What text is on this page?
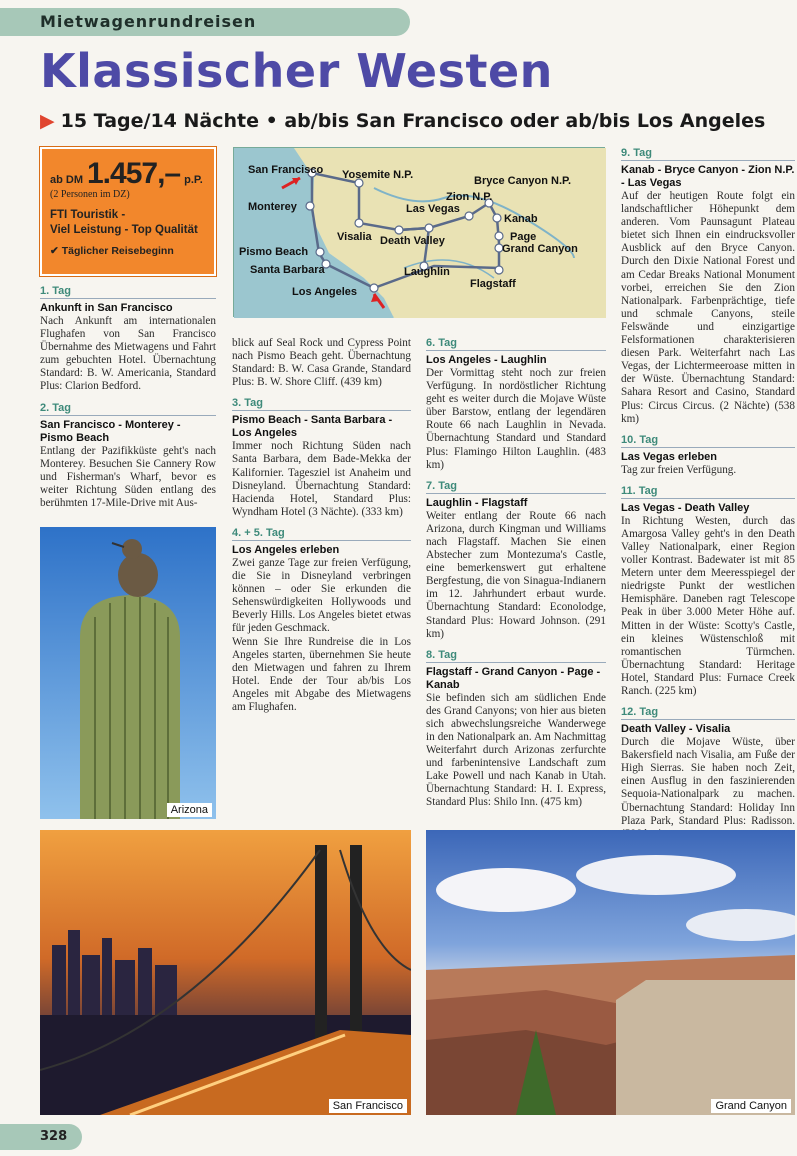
Mietwagenrundreisen
Klassischer Westen
▶ 15 Tage/14 Nächte • ab/bis San Francisco oder ab/bis Los Angeles
ab DM 1.457,– p.P.
(2 Personen im DZ)
FTI Touristik -
Viel Leistung - Top Qualität
✔ Täglicher Reisebeginn
San Francisco
Monterey
Pismo Beach
Santa Barbara
Los Angeles
Yosemite N.P.
Visalia Death Valley
Las Vegas
Laughlin
Zion N.P.
Bryce Canyon N.P.
Kanab
Page
Grand Canyon
Flagstaff
1. Tag
Ankunft in San Francisco
Nach Ankunft am internationalen Flughafen von San Francisco Übernahme des Mietwagens und Fahrt zum gebuchten Hotel. Übernachtung Standard: B. W. Americania, Standard Plus: Clarion Bedford.
2. Tag
San Francisco - Monterey - Pismo Beach
Entlang der Pazifikküste geht's nach Monterey. Besuchen Sie Cannery Row und Fisherman's Wharf, bevor es weiter Richtung Süden entlang des berühmten 17-Mile-Drive mit Aus-
blick auf Seal Rock und Cypress Point nach Pismo Beach geht. Übernachtung Standard: B. W. Casa Grande, Standard Plus: B. W. Shore Cliff. (439 km)
3. Tag
Pismo Beach - Santa Barbara - Los Angeles
Immer noch Richtung Süden nach Santa Barbara, dem Bade-Mekka der Kalifornier. Tagesziel ist Anaheim und Disneyland. Übernachtung Standard: Hacienda Hotel, Standard Plus: Wyndham Hotel (3 Nächte). (333 km)
4. + 5. Tag
Los Angeles erleben
Zwei ganze Tage zur freien Verfügung, die Sie in Disneyland verbringen können – oder Sie erkunden die Sehenswürdigkeiten Hollywoods und Beverly Hills. Los Angeles bietet etwas für jeden Geschmack.
Wenn Sie Ihre Rundreise die in Los Angeles starten, übernehmen Sie heute den Mietwagen und fahren zu Ihrem Hotel. Ende der Tour ab/bis Los Angeles mit Abgabe des Mietwagens am Flughafen.
6. Tag
Los Angeles - Laughlin
Der Vormittag steht noch zur freien Verfügung. In nordöstlicher Richtung geht es weiter durch die Mojave Wüste über Barstow, entlang der legendären Route 66 nach Laughlin in Nevada. Übernachtung Standard und Standard Plus: Flamingo Hilton Laughlin. (483 km)
7. Tag
Laughlin - Flagstaff
Weiter entlang der Route 66 nach Arizona, durch Kingman und Williams nach Flagstaff. Machen Sie einen Abstecher zum Montezuma's Castle, eine bemerkenswert gut erhaltene Bergfestung, die von Sinagua-Indianern im 12. Jahrhundert erbaut wurde. Übernachtung Standard: Econolodge, Standard Plus: Howard Johnson. (291 km)
8. Tag
Flagstaff - Grand Canyon - Page - Kanab
Sie befinden sich am südlichen Ende des Grand Canyons; von hier aus bieten sich abwechslungsreiche Wanderwege in den Nationalpark an. Am Nachmittag Weiterfahrt durch Arizonas zerfurchte und farbenintensive Landschaft zum Lake Powell und nach Kanab in Utah. Übernachtung Standard: H. I. Express, Standard Plus: Shilo Inn. (475 km)
9. Tag
Kanab - Bryce Canyon - Zion N.P. - Las Vegas
Auf der heutigen Route folgt ein landschaftlicher Höhepunkt dem anderen. Vom Paunsagunt Plateau bietet sich Ihnen ein eindrucksvoller Ausblick auf den Bryce Canyon. Durch den Dixie National Forest und am Cedar Breaks National Monument vorbei, erreichen Sie den Zion Nationalpark. Farbenprächtige, tiefe und schmale Canyons, steile Felswände und einzigartige Felsformationen charakterisieren diesen Park. Weiterfahrt nach Las Vegas, der Lichtermeeroase mitten in der Wüste. Übernachtung Standard: Sahara Resort and Casino, Standard Plus: Circus Circus. (2 Nächte) (538 km)
10. Tag
Las Vegas erleben
Tag zur freien Verfügung.
11. Tag
Las Vegas - Death Valley
In Richtung Westen, durch das Amargosa Valley geht's in den Death Valley Nationalpark, einer Region voller Kontrast. Badewater ist mit 85 Metern unter dem Meeresspiegel der niedrigste Punkt der westlichen Hemisphäre. Daneben ragt Telescope Peak in über 3.000 Meter Höhe auf. Mitten in der Wüste: Scotty's Castle, ein kleines Wüstenschloß mit romantischen Türmchen. Übernachtung Standard: Heritage Hotel, Standard Plus: Furnace Creek Ranch. (225 km)
12. Tag
Death Valley - Visalia
Durch die Mojave Wüste, über Bakersfield nach Visalia, am Fuße der High Sierras. Sie haben noch Zeit, einen Ausflug in den faszinierenden Sequoia-Nationalpark zu machen. Übernachtung Standard: Holiday Inn Plaza Park, Standard Plus: Radisson.
Arizona
San Francisco	Grand Canyon
328
